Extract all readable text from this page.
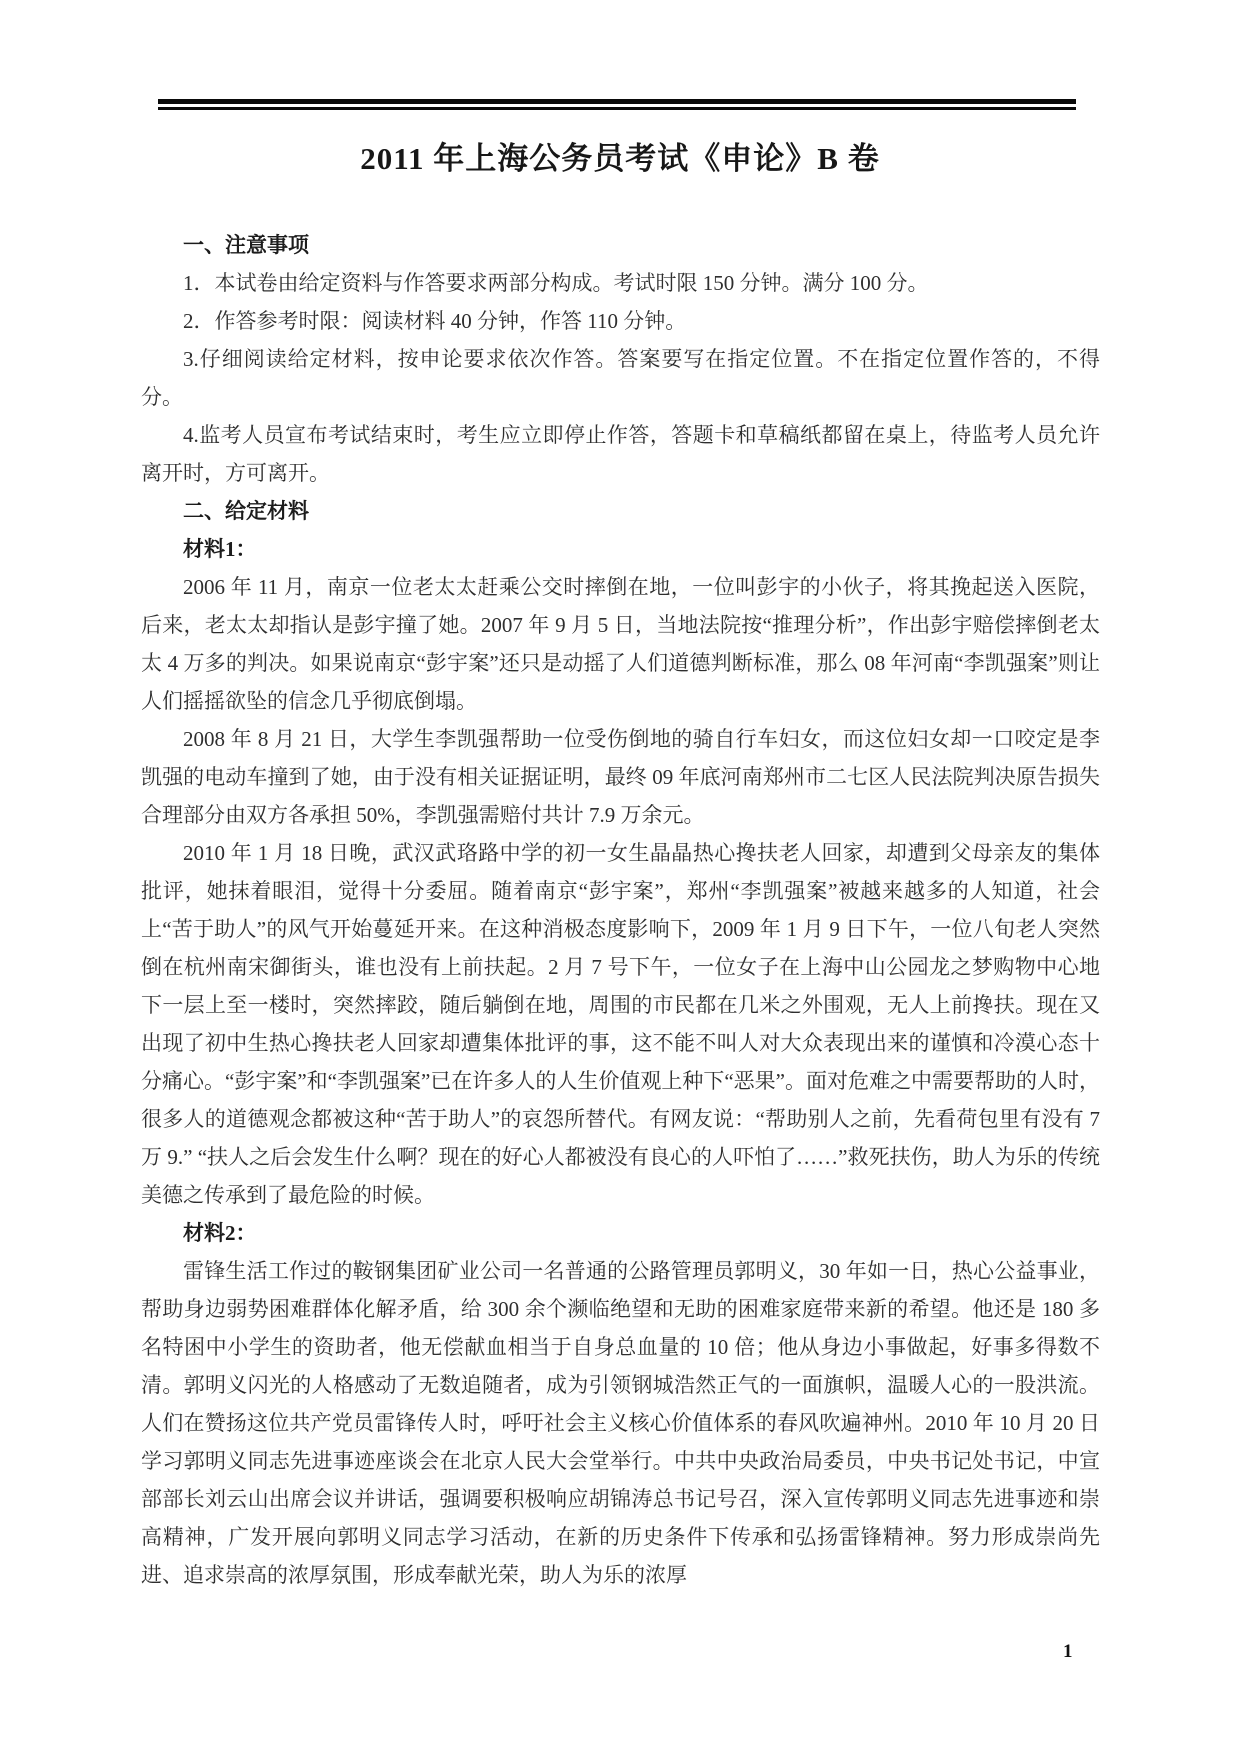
2011 年上海公务员考试《申论》B 卷
一、注意事项

1．本试卷由给定资料与作答要求两部分构成。考试时限 150 分钟。满分 100 分。

2．作答参考时限：阅读材料 40 分钟，作答 110 分钟。

3.仔细阅读给定材料，按申论要求依次作答。答案要写在指定位置。不在指定位置作答的，不得分。

4.监考人员宣布考试结束时，考生应立即停止作答，答题卡和草稿纸都留在桌上，待监考人员允许离开时，方可离开。

二、给定材料
材料1：

2006 年 11 月，南京一位老太太赶乘公交时摔倒在地，一位叫彭宇的小伙子，将其挽起送入医院，后来，老太太却指认是彭宇撞了她。2007 年 9 月 5 日，当地法院按“推理分析”，作出彭宇赔偿摔倒老太太 4 万多的判决。如果说南京“彭宇案”还只是动摇了人们道德判断标准，那么 08 年河南“李凯强案”则让人们摇摇欲坠的信念几乎彻底倒塌。

2008 年 8 月 21 日，大学生李凯强帮助一位受伤倒地的骑自行车妇女，而这位妇女却一口咬定是李凯强的电动车撞到了她，由于没有相关证据证明，最终 09 年底河南郑州市二七区人民法院判决原告损失合理部分由双方各承担 50%，李凯强需赔付共计 7.9 万余元。

2010 年 1 月 18 日晚，武汉武珞路中学的初一女生晶晶热心搀扶老人回家，却遭到父母亲友的集体批评，她抹着眼泪，觉得十分委屈。随着南京“彭宇案”，郑州“李凯强案”被越来越多的人知道，社会上“苦于助人”的风气开始蔓延开来。在这种消极态度影响下，2009 年 1 月 9 日下午，一位八旬老人突然倒在杭州南宋御街头，谁也没有上前扶起。2 月 7 号下午，一位女子在上海中山公园龙之梦购物中心地下一层上至一楼时，突然摔跤，随后躺倒在地，周围的市民都在几米之外围观，无人上前搀扶。现在又出现了初中生热心搀扶老人回家却遭集体批评的事，这不能不叫人对大众表现出来的谨慎和冷漠心态十分痛心。“彭宇案”和“李凯强案”已在许多人的人生价值观上种下“恶果”。面对危难之中需要帮助的人时，很多人的道德观念都被这种“苦于助人”的哀怨所替代。有网友说：“帮助别人之前，先看荷包里有没有 7 万 9.” “扶人之后会发生什么啊？现在的好心人都被没有良心的人吓怕了……”救死扶伤，助人为乐的传统美德之传承到了最危险的时候。

材料2：

雷锋生活工作过的鞍钢集团矿业公司一名普通的公路管理员郭明义，30 年如一日，热心公益事业，帮助身边弱势困难群体化解矛盾，给 300 余个濒临绝望和无助的困难家庭带来新的希望。他还是 180 多名特困中小学生的资助者，他无偿献血相当于自身总血量的 10 倍；他从身边小事做起，好事多得数不清。郭明义闪光的人格感动了无数追随者，成为引领钢城浩然正气的一面旗帜，温暖人心的一股洪流。人们在赞扬这位共产党员雷锋传人时，呼吁社会主义核心价值体系的春风吹遍神州。2010 年 10 月 20 日学习郭明义同志先进事迹座谈会在北京人民大会堂举行。中共中央政治局委员，中央书记处书记，中宣部部长刘云山出席会议并讲话，强调要积极响应胡锦涛总书记号召，深入宣传郭明义同志先进事迹和崇高精神，广发开展向郭明义同志学习活动，在新的历史条件下传承和弘扬雷锋精神。努力形成崇尚先进、追求崇高的浓厚氛围，形成奉献光荣，助人为乐的浓厚

1
